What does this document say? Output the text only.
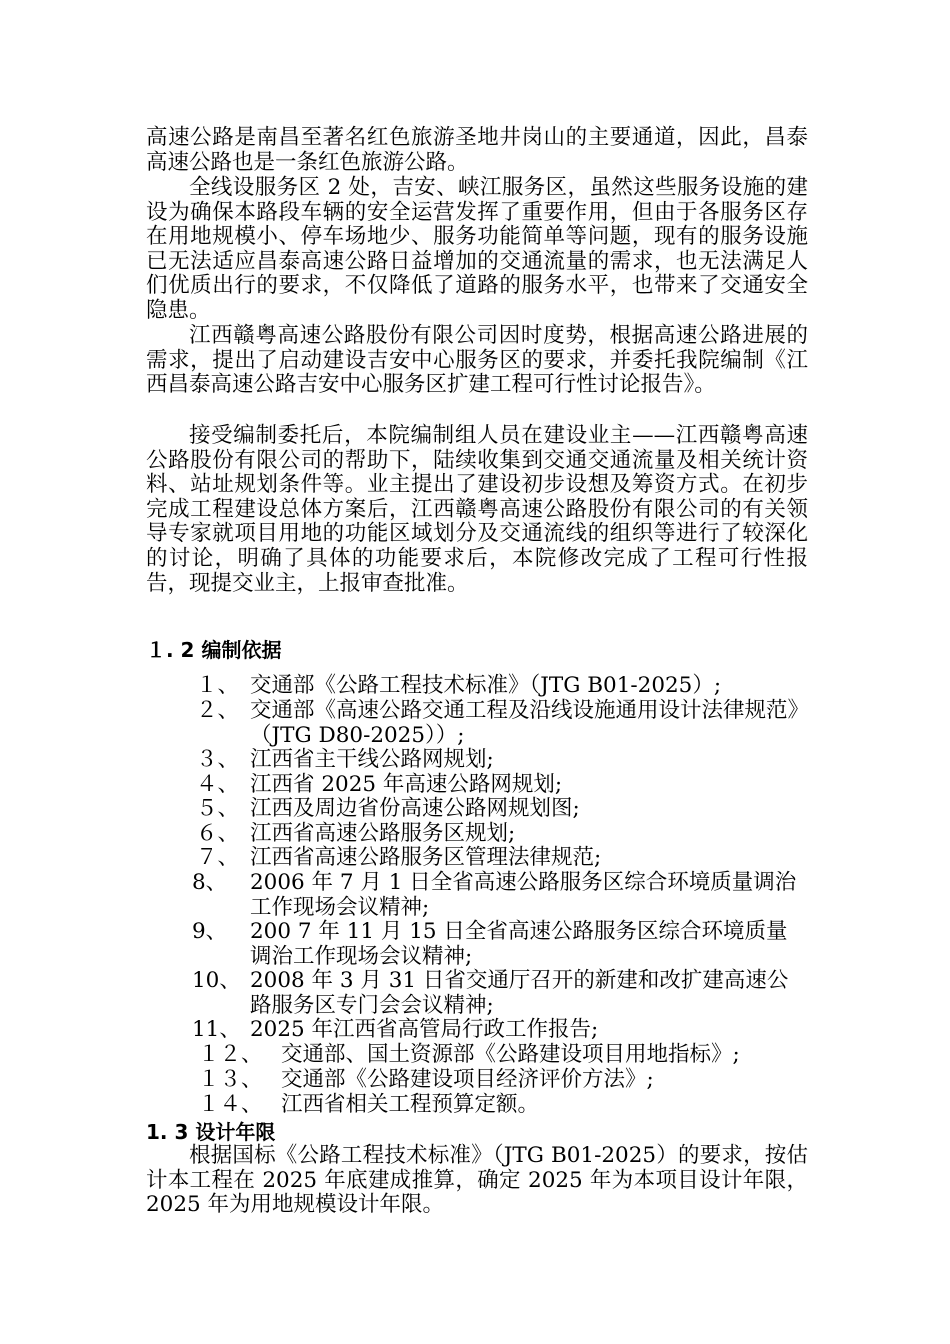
高速公路是南昌至著名红色旅游圣地井岗山的主要通道，因此，昌泰高速公路也是一条红色旅游公路。

全线设服务区 2 处，吉安、峡江服务区，虽然这些服务设施的建设为确保本路段车辆的安全运营发挥了重要作用，但由于各服务区存在用地规模小、停车场地少、服务功能简单等问题，现有的服务设施已无法适应昌泰高速公路日益增加的交通流量的需求，也无法满足人们优质出行的要求，不仅降低了道路的服务水平，也带来了交通安全隐患。

江西赣粤高速公路股份有限公司因时度势，根据高速公路进展的需求，提出了启动建设吉安中心服务区的要求，并委托我院编制《江西昌泰高速公路吉安中心服务区扩建工程可行性讨论报告》。

接受编制委托后，本院编制组人员在建设业主——江西赣粤高速公路股份有限公司的帮助下，陆续收集到交通交通流量及相关统计资料、站址规划条件等。业主提出了建设初步设想及筹资方式。在初步完成工程建设总体方案后，江西赣粤高速公路股份有限公司的有关领导专家就项目用地的功能区域划分及交通流线的组织等进行了较深化的讨论，明确了具体的功能要求后，本院修改完成了工程可行性报告，现提交业主，上报审查批准。

１. 2 编制依据
１、 交通部《公路工程技术标准》（JTG B01-2025）;
２、 交通部《高速公路交通工程及沿线设施通用设计法律规范》（JTG D80-2025））;
３、 江西省主干线公路网规划;
４、 江西省 2025 年高速公路网规划;
５、 江西及周边省份高速公路网规划图;
６、 江西省高速公路服务区规划;
７、 江西省高速公路服务区管理法律规范;
8、 2006 年 7 月 1 日全省高速公路服务区综合环境质量调治工作现场会议精神;
9、 200 7 年 11 月 15 日全省高速公路服务区综合环境质量调治工作现场会议精神;
10、 2008 年 3 月 31 日省交通厅召开的新建和改扩建高速公路服务区专门会会议精神;
11、 2025 年江西省高管局行政工作报告;
１２、 交通部、国土资源部《公路建设项目用地指标》;
１３、 交通部《公路建设项目经济评价方法》;
１４、 江西省相关工程预算定额。
1. 3 设计年限

根据国标《公路工程技术标准》（JTG B01-2025）的要求，按估计本工程在 2025 年底建成推算，确定 2025 年为本项目设计年限，2025 年为用地规模设计年限。
